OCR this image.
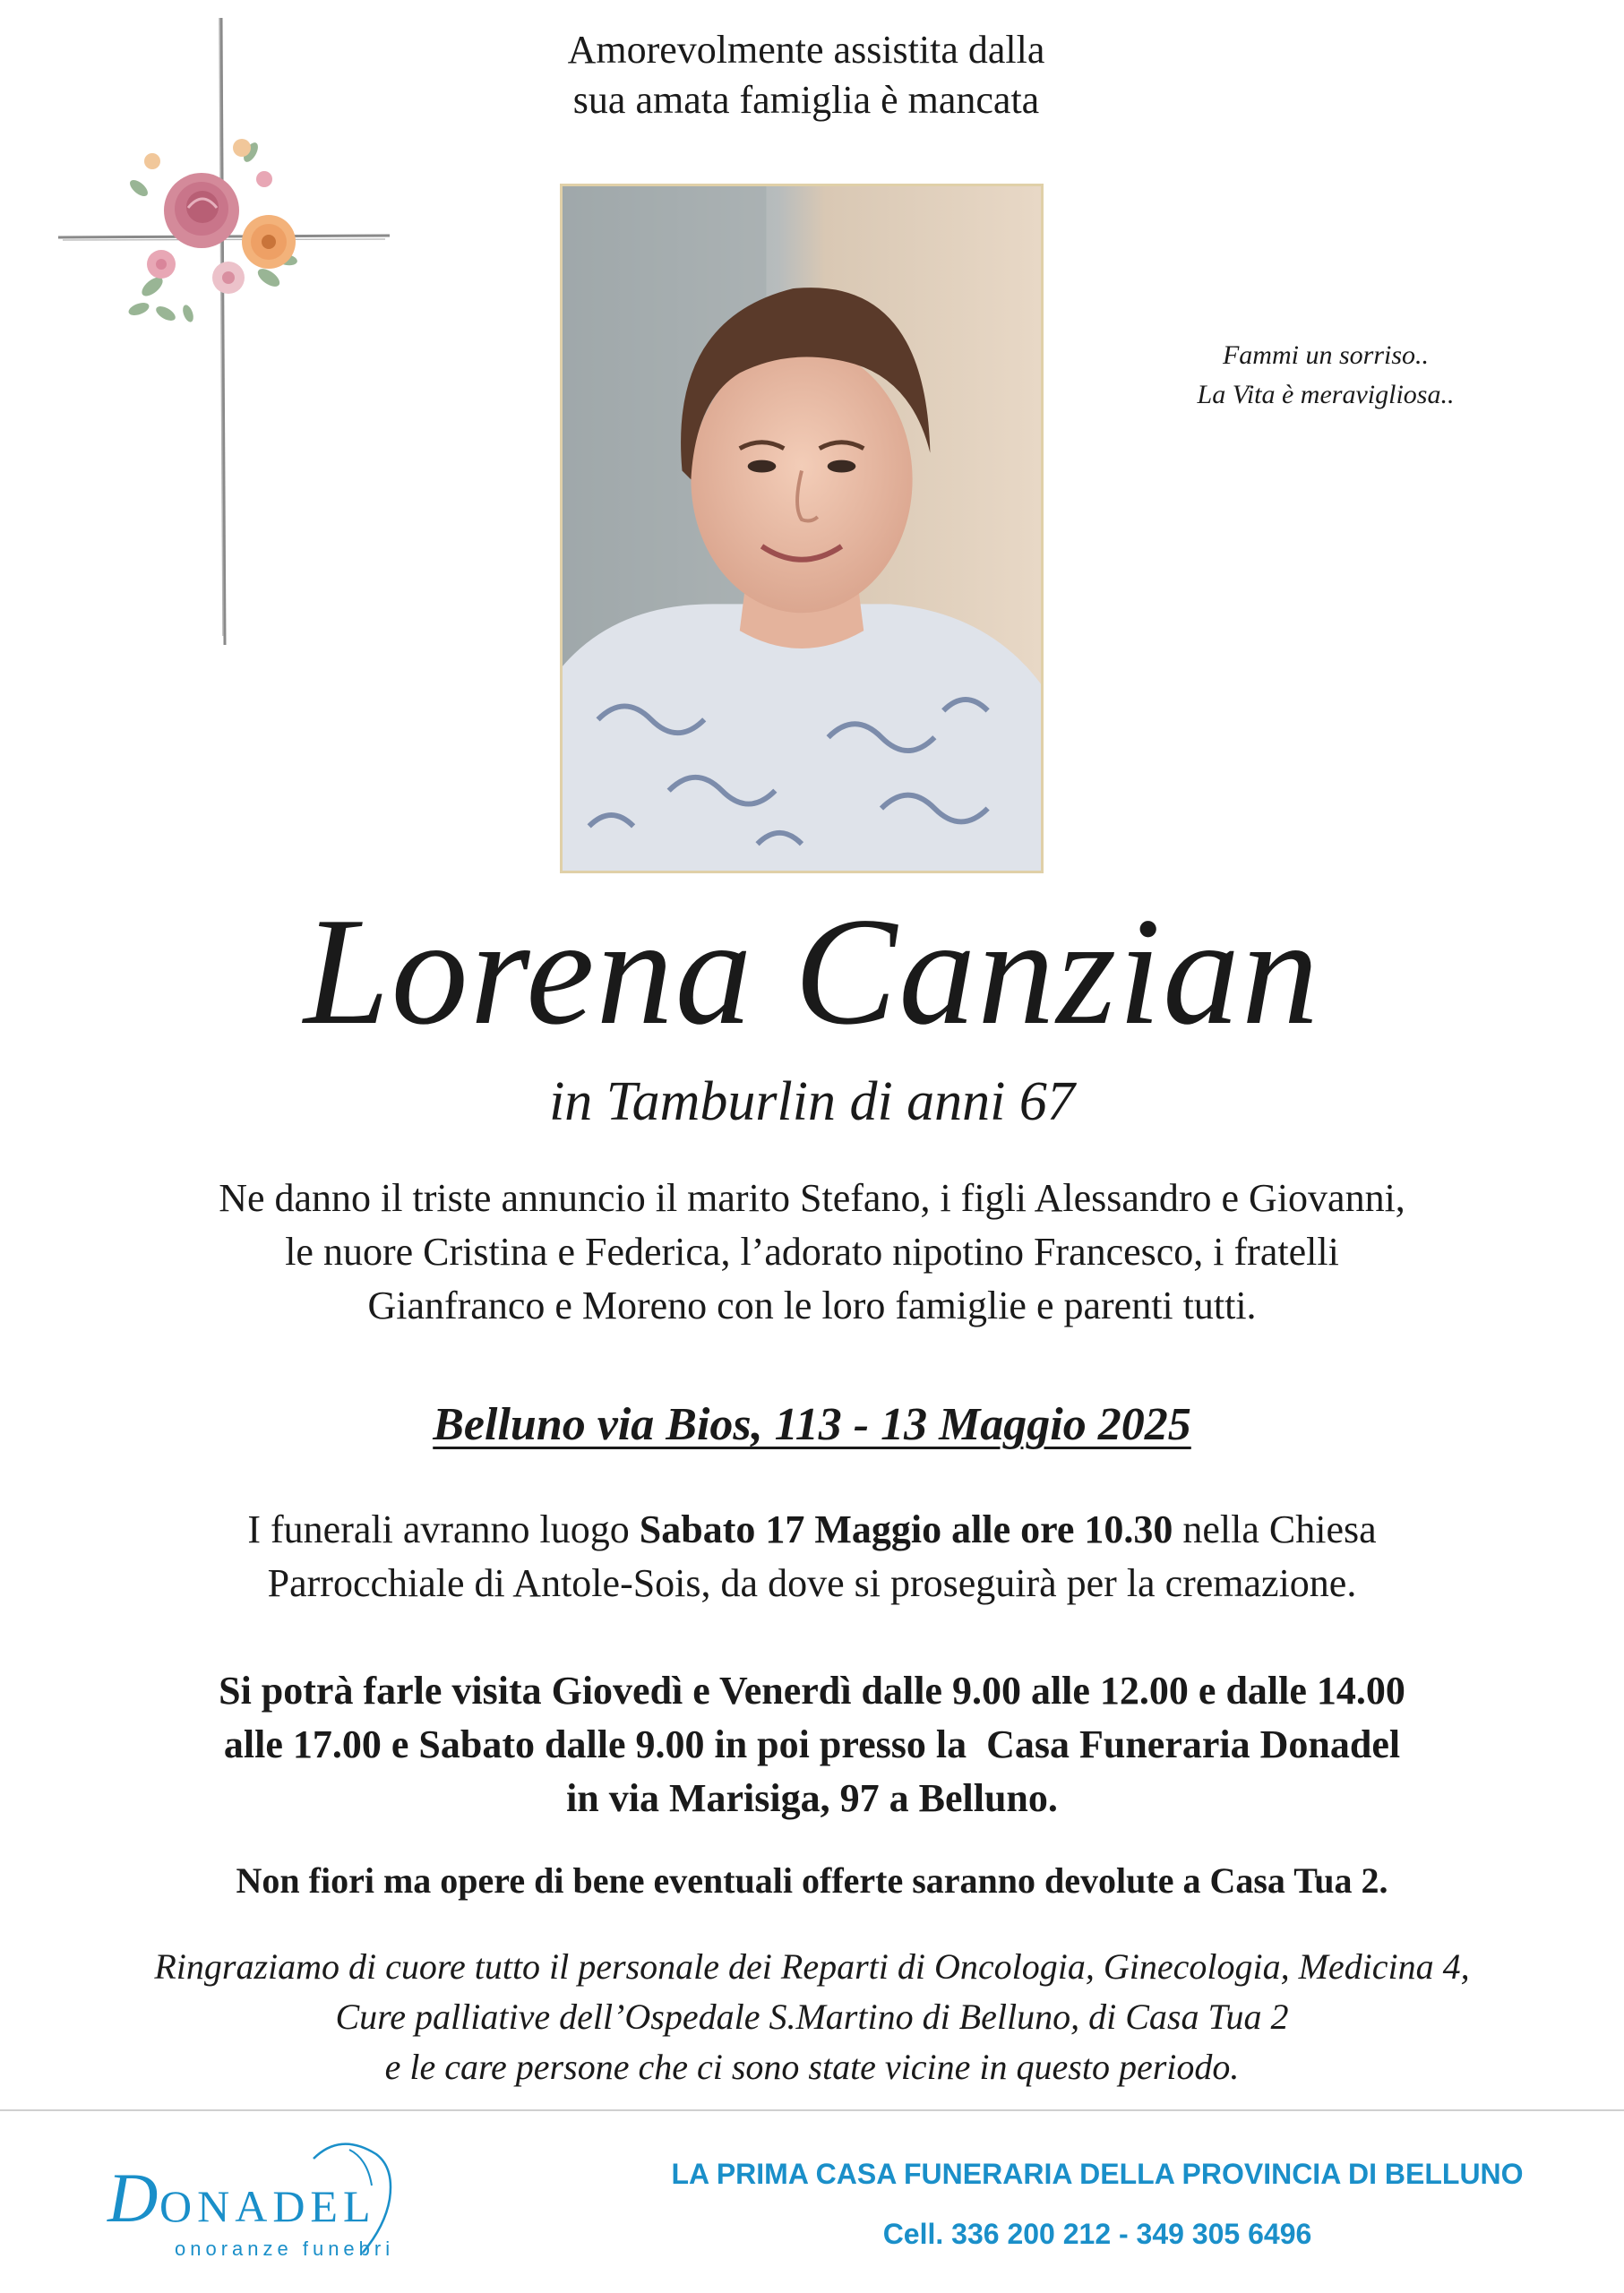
Amorevolmente assistita dalla
sua amata famiglia è mancata
Fammi un sorriso..
La Vita è meravigliosa..
Lorena Canzian
in Tamburlin di anni 67
Ne danno il triste annuncio il marito Stefano, i figli Alessandro e Giovanni,
le nuore Cristina e Federica, l’adorato nipotino Francesco, i fratelli
Gianfranco e Moreno con le loro famiglie e parenti tutti.
Belluno via Bios, 113 - 13 Maggio 2025
I funerali avranno luogo Sabato 17 Maggio alle ore 10.30 nella Chiesa
Parrocchiale di Antole-Sois, da dove si proseguirà per la cremazione.
Si potrà farle visita Giovedì e Venerdì dalle 9.00 alle 12.00 e dalle 14.00
alle 17.00 e Sabato dalle 9.00 in poi presso la  Casa Funeraria Donadel
in via Marisiga, 97 a Belluno.
Non fiori ma opere di bene eventuali offerte saranno devolute a Casa Tua 2.
Ringraziamo di cuore tutto il personale dei Reparti di Oncologia, Ginecologia, Medicina 4,
Cure palliative dell’Ospedale S.Martino di Belluno, di Casa Tua 2
e le care persone che ci sono state vicine in questo periodo.
D ONADEL
onoranze funebri
LA PRIMA CASA FUNERARIA DELLA PROVINCIA DI BELLUNO
Cell. 336 200 212 - 349 305 6496
